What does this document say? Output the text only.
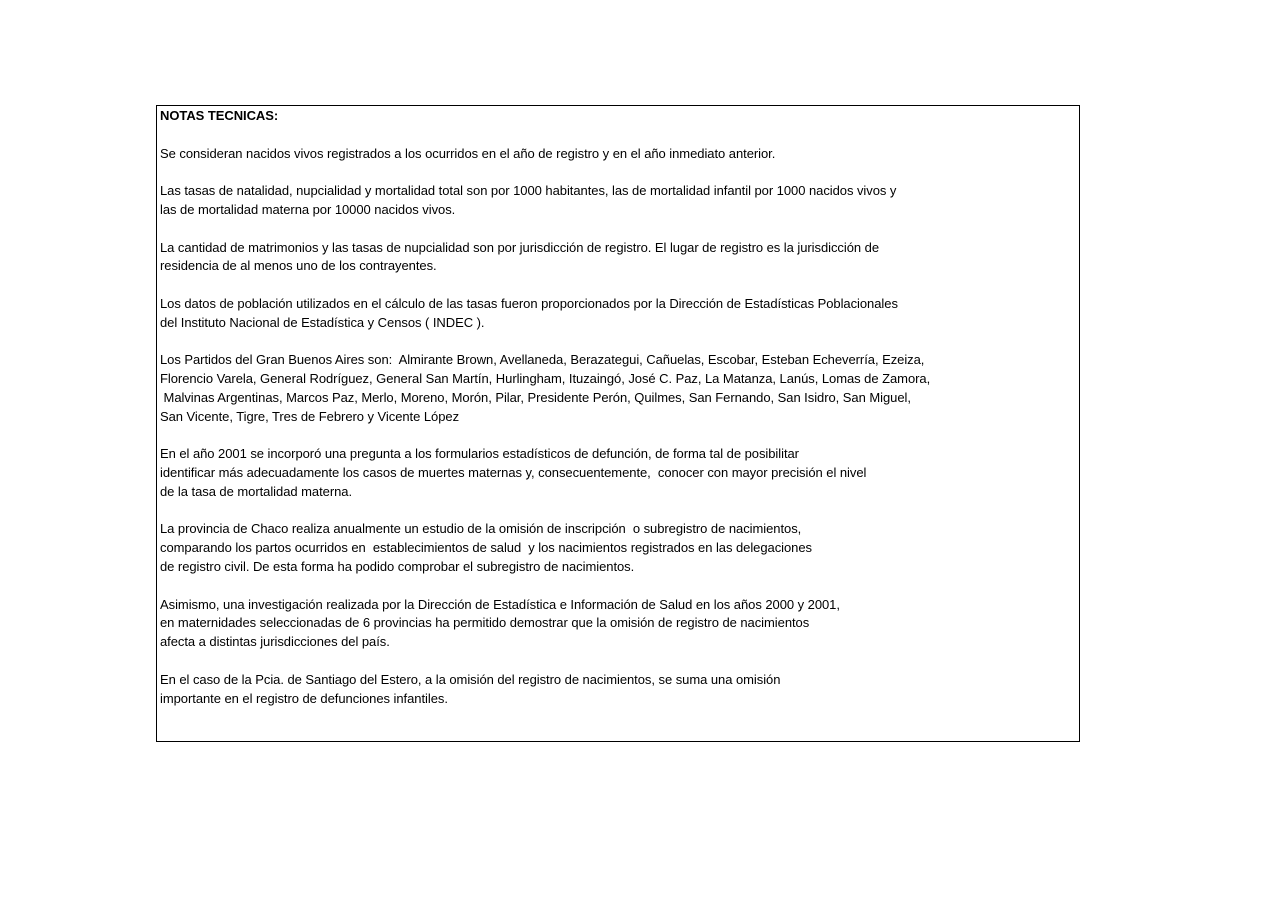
NOTAS TECNICAS:
Se consideran nacidos vivos registrados a los ocurridos en el año de registro y en el año inmediato anterior.
Las tasas de natalidad, nupcialidad y mortalidad total son por 1000 habitantes, las de mortalidad infantil por 1000 nacidos vivos y
las de mortalidad materna por 10000 nacidos vivos.
La cantidad de matrimonios y las tasas de nupcialidad son por jurisdicción de registro. El lugar de registro es la jurisdicción de
residencia de al menos uno de los contrayentes.
Los datos de población utilizados en el cálculo de las tasas fueron proporcionados por la Dirección de Estadísticas Poblacionales
del Instituto Nacional de Estadística y Censos ( INDEC ).
Los Partidos del Gran Buenos Aires son:  Almirante Brown, Avellaneda, Berazategui, Cañuelas, Escobar, Esteban Echeverría, Ezeiza,
Florencio Varela, General Rodríguez, General San Martín, Hurlingham, Ituzaingó, José C. Paz, La Matanza, Lanús, Lomas de Zamora,
Malvinas Argentinas, Marcos Paz, Merlo, Moreno, Morón, Pilar, Presidente Perón, Quilmes, San Fernando, San Isidro, San Miguel,
San Vicente, Tigre, Tres de Febrero y Vicente López
En el año 2001 se incorporó una pregunta a los formularios estadísticos de defunción, de forma tal de posibilitar
identificar más adecuadamente los casos de muertes maternas y, consecuentemente,  conocer con mayor precisión el nivel
de la tasa de mortalidad materna.
La provincia de Chaco realiza anualmente un estudio de la omisión de inscripción  o subregistro de nacimientos,
comparando los partos ocurridos en  establecimientos de salud  y los nacimientos registrados en las delegaciones
de registro civil. De esta forma ha podido comprobar el subregistro de nacimientos.
Asimismo, una investigación realizada por la Dirección de Estadística e Información de Salud en los años 2000 y 2001,
en maternidades seleccionadas de 6 provincias ha permitido demostrar que la omisión de registro de nacimientos
afecta a distintas jurisdicciones del país.
En el caso de la Pcia. de Santiago del Estero, a la omisión del registro de nacimientos, se suma una omisión
importante en el registro de defunciones infantiles.
